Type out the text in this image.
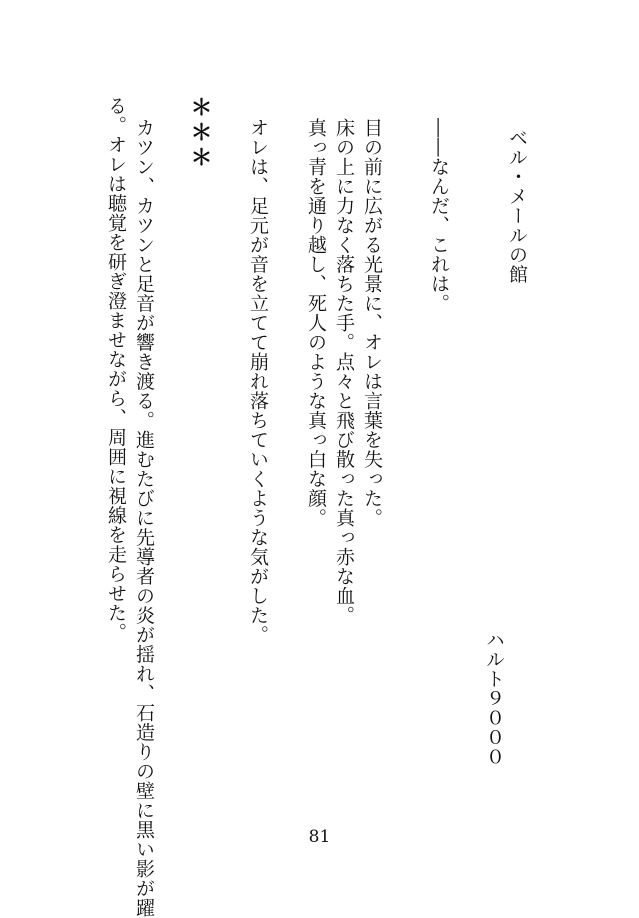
ベル・メールの館
ハルト９０００
――なんだ、これは。
目の前に広がる光景に、オレは言葉を失った。
床の上に力なく落ちた手。点々と飛び散った真っ赤な血。
真っ青を通り越し、死人のような真っ白な顔。
オレは、足元が音を立てて崩れ落ちていくような気がした。
＊＊＊
カツン、カツンと足音が響き渡る。進むたびに先導者の炎が揺れ、石造りの壁に黒い影が躍
る。オレは聴覚を研ぎ澄ませながら、周囲に視線を走らせた。
81
